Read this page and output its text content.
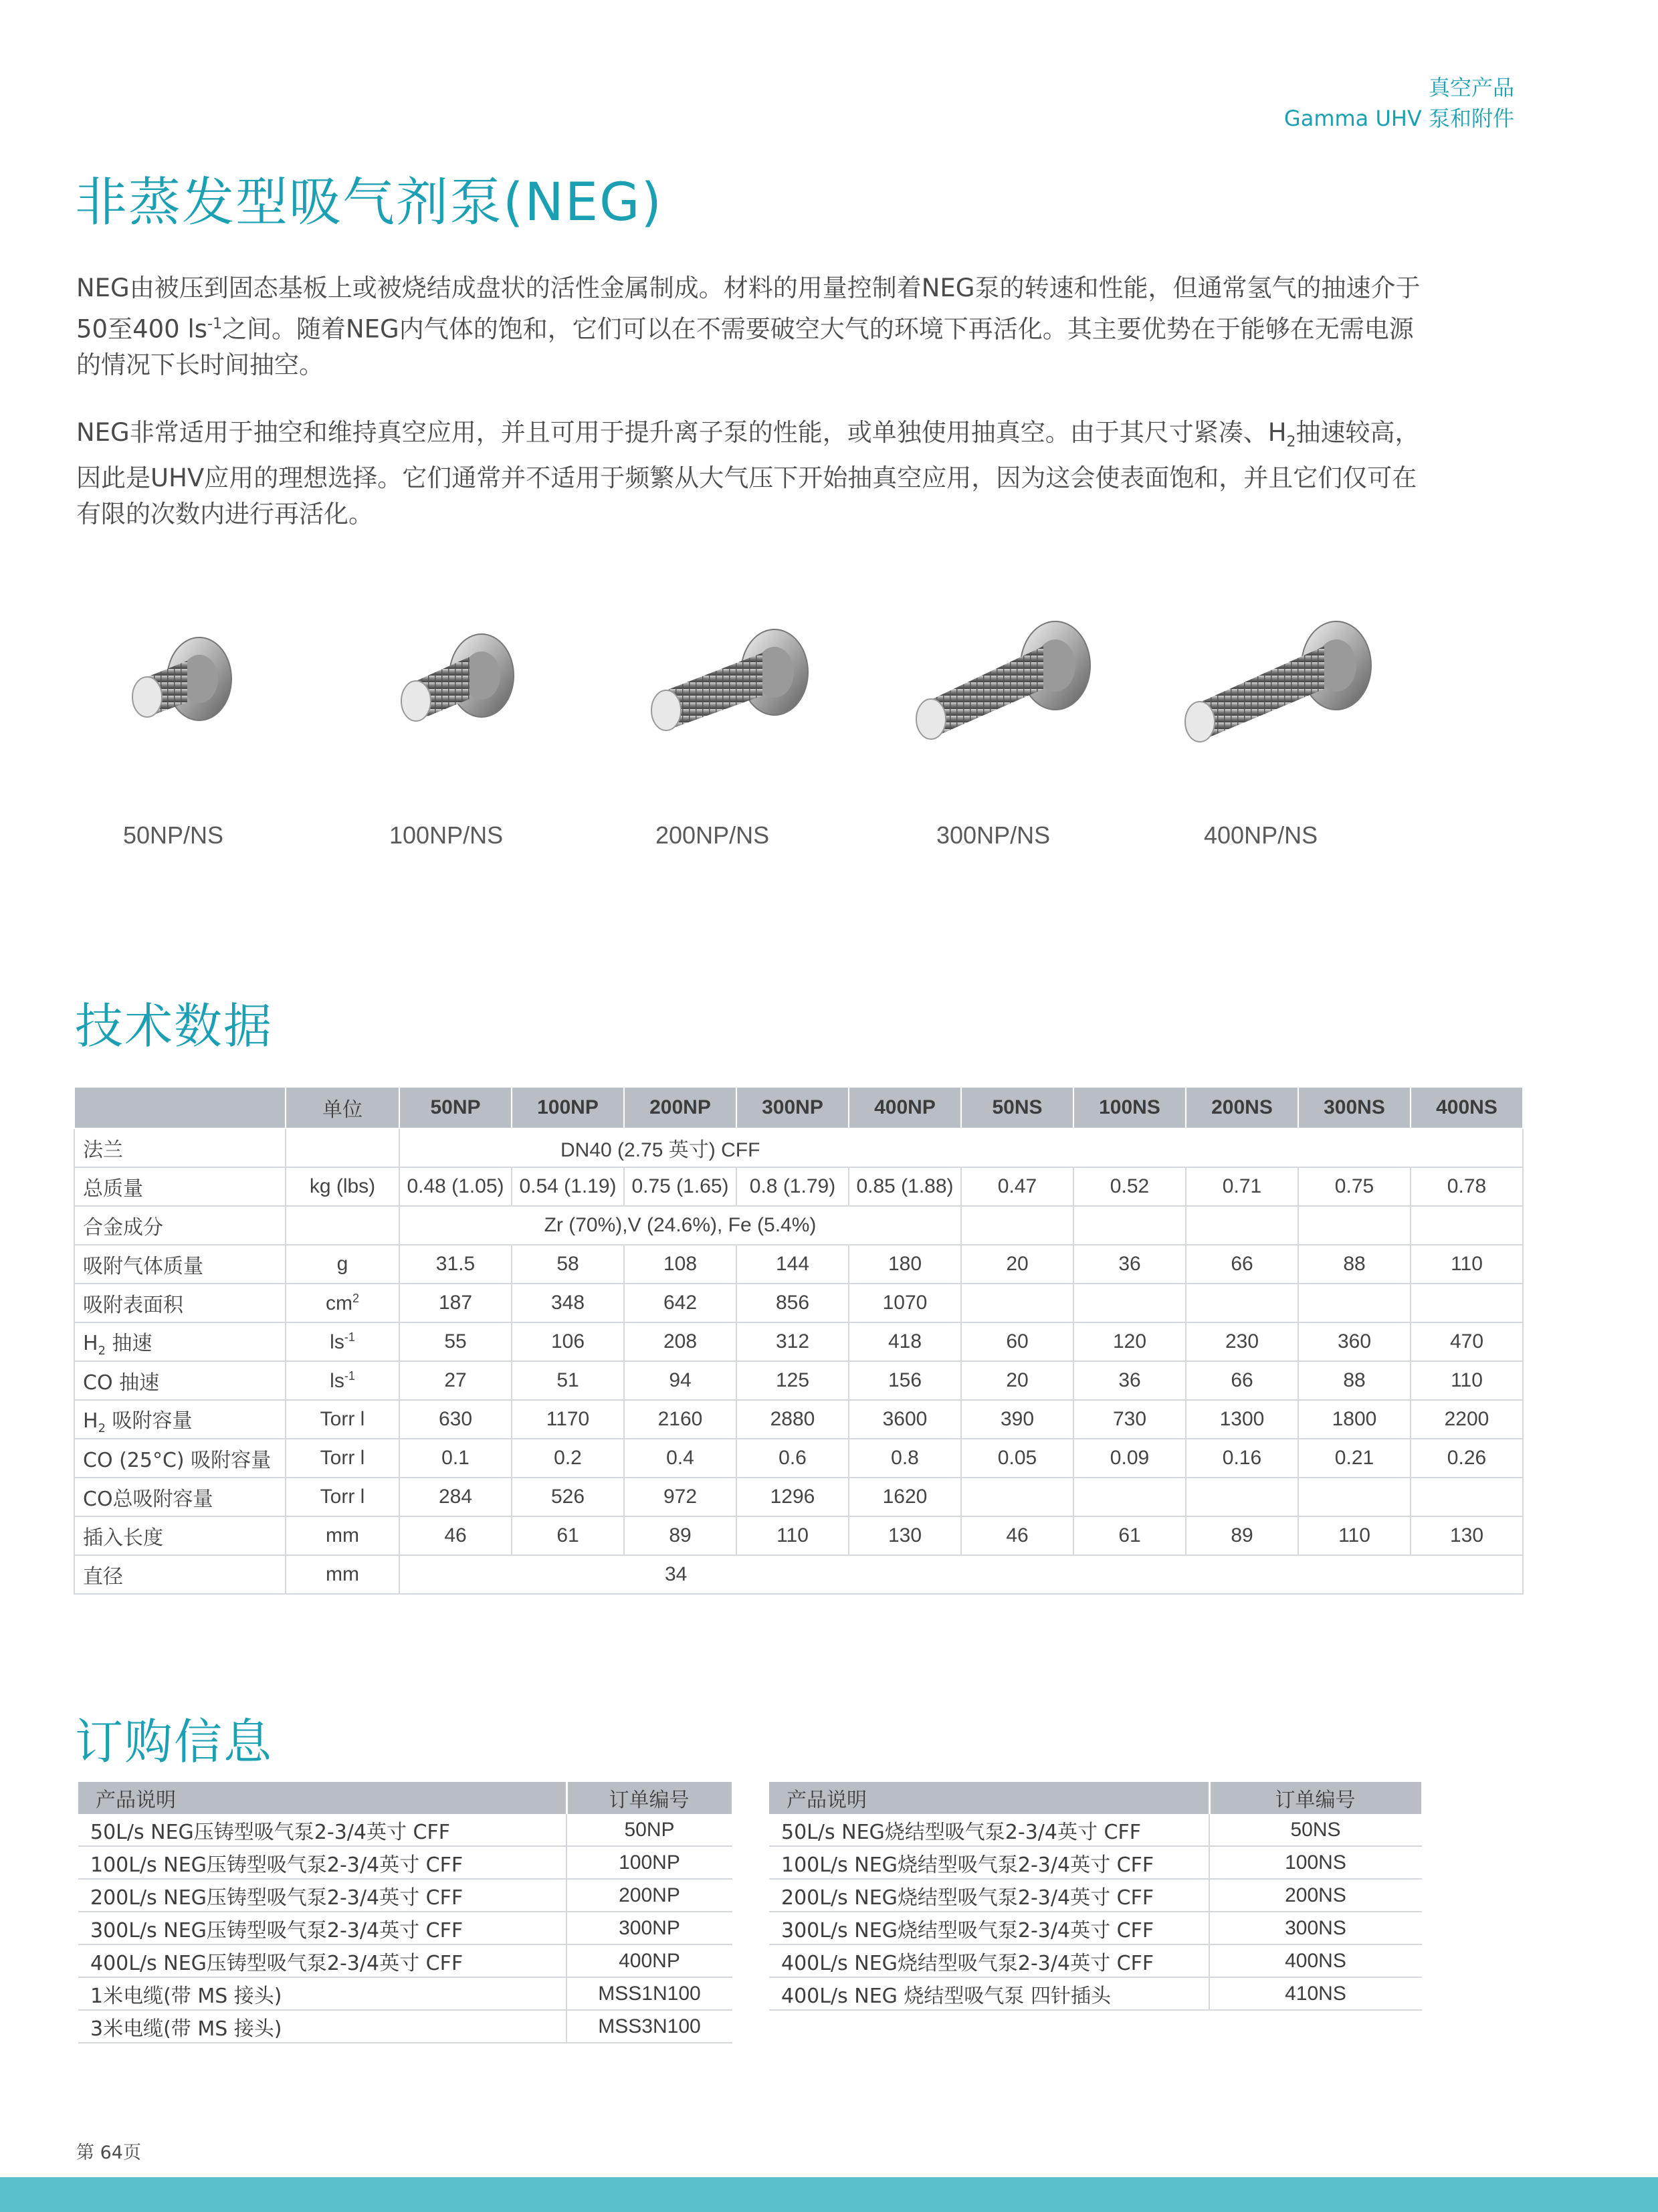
真空产品
Gamma UHV 泵和附件
非蒸发型吸气剂泵(NEG)
NEG由被压到固态基板上或被烧结成盘状的活性金属制成。材料的用量控制着NEG泵的转速和性能，但通常氢气的抽速介于50至400 $ls^{-1}$之间。随着NEG内气体的饱和，它们可以在不需要破空大气的环境下再活化。其主要优势在于能够在无需电源的情况下长时间抽空。
NEG非常适用于抽空和维持真空应用，并且可用于提升离子泵的性能，或单独使用抽真空。由于其尺寸紧凑、$H_2$抽速较高，因此是UHV应用的理想选择。它们通常并不适用于频繁从大气压下开始抽真空应用，因为这会使表面饱和，并且它们仅可在有限的次数内进行再活化。
50NP/NS	100NP/NS	200NP/NS	300NP/NS	400NP/NS
技术数据
	单位	50NP	100NP	200NP	300NP	400NP	50NS	100NS	200NS	300NS	400NS
法兰		DN40 (2.75 英寸) CFF									
总质量	kg (lbs)	0.48 (1.05)	0.54 (1.19)	0.75 (1.65)	0.8 (1.79)	0.85 (1.88)	0.47	0.52	0.71	0.75	0.78
合金成分		Zr (70%),V (24.6%), Fe (5.4%)									
吸附气体质量	g	31.5	58	108	144	180	20	36	66	88	110
吸附表面积	$cm^2$	187	348	642	856	1070					
$H_2$ 抽速	$ls^{-1}$	55	106	208	312	418	60	120	230	360	470
CO 抽速	$ls^{-1}$	27	51	94	125	156	20	36	66	88	110
$H_2$ 吸附容量	Torr l	630	1170	2160	2880	3600	390	730	1300	1800	2200
CO (25°C) 吸附容量	Torr l	0.1	0.2	0.4	0.6	0.8	0.05	0.09	0.16	0.21	0.26
CO总吸附容量	Torr l	284	526	972	1296	1620					
插入长度	mm	46	61	89	110	130	46	61	89	110	130
直径	mm	34									
订购信息
产品说明	订单编号
50L/s NEG压铸型吸气泵2-3/4英寸 CFF	50NP
100L/s NEG压铸型吸气泵2-3/4英寸 CFF	100NP
200L/s NEG压铸型吸气泵2-3/4英寸 CFF	200NP
300L/s NEG压铸型吸气泵2-3/4英寸 CFF	300NP
400L/s NEG压铸型吸气泵2-3/4英寸 CFF	400NP
1米电缆(带 MS 接头)	MSS1N100
3米电缆(带 MS 接头)	MSS3N100
产品说明	订单编号
50L/s NEG烧结型吸气泵2-3/4英寸 CFF	50NS
100L/s NEG烧结型吸气泵2-3/4英寸 CFF	100NS
200L/s NEG烧结型吸气泵2-3/4英寸 CFF	200NS
300L/s NEG烧结型吸气泵2-3/4英寸 CFF	300NS
400L/s NEG烧结型吸气泵2-3/4英寸 CFF	400NS
400L/s NEG 烧结型吸气泵 四针插头	410NS
第 64页
